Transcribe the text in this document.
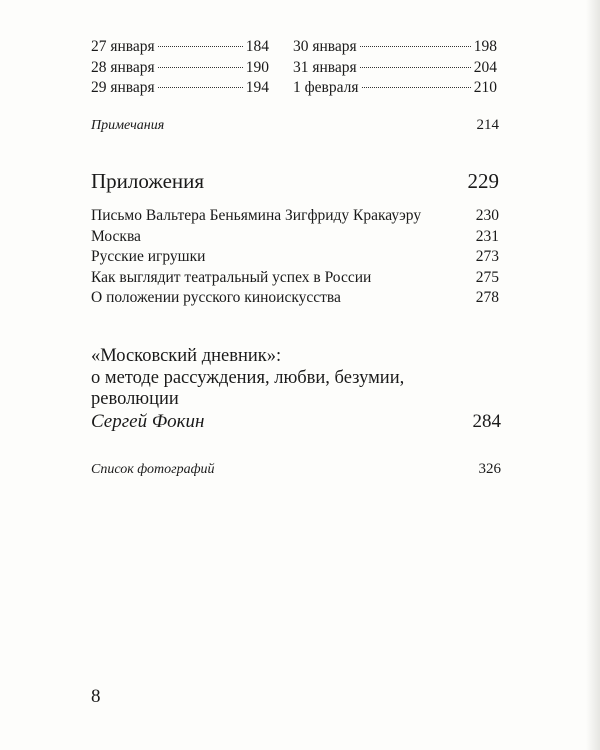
27 января	184
28 января	190
29 января	194
30 января	198
31 января	204
1 февраля	210
Примечания	214
Приложения	229
Письмо Вальтера Беньямина Зигфриду Кракауэру	230
Москва	231
Русские игрушки	273
Как выглядит театральный успех в России	275
О положении русского киноискусства	278
«Московский дневник»:
о методе рассуждения, любви, безумии,
революции
Сергей Фокин	284
Список фотографий	326
8
